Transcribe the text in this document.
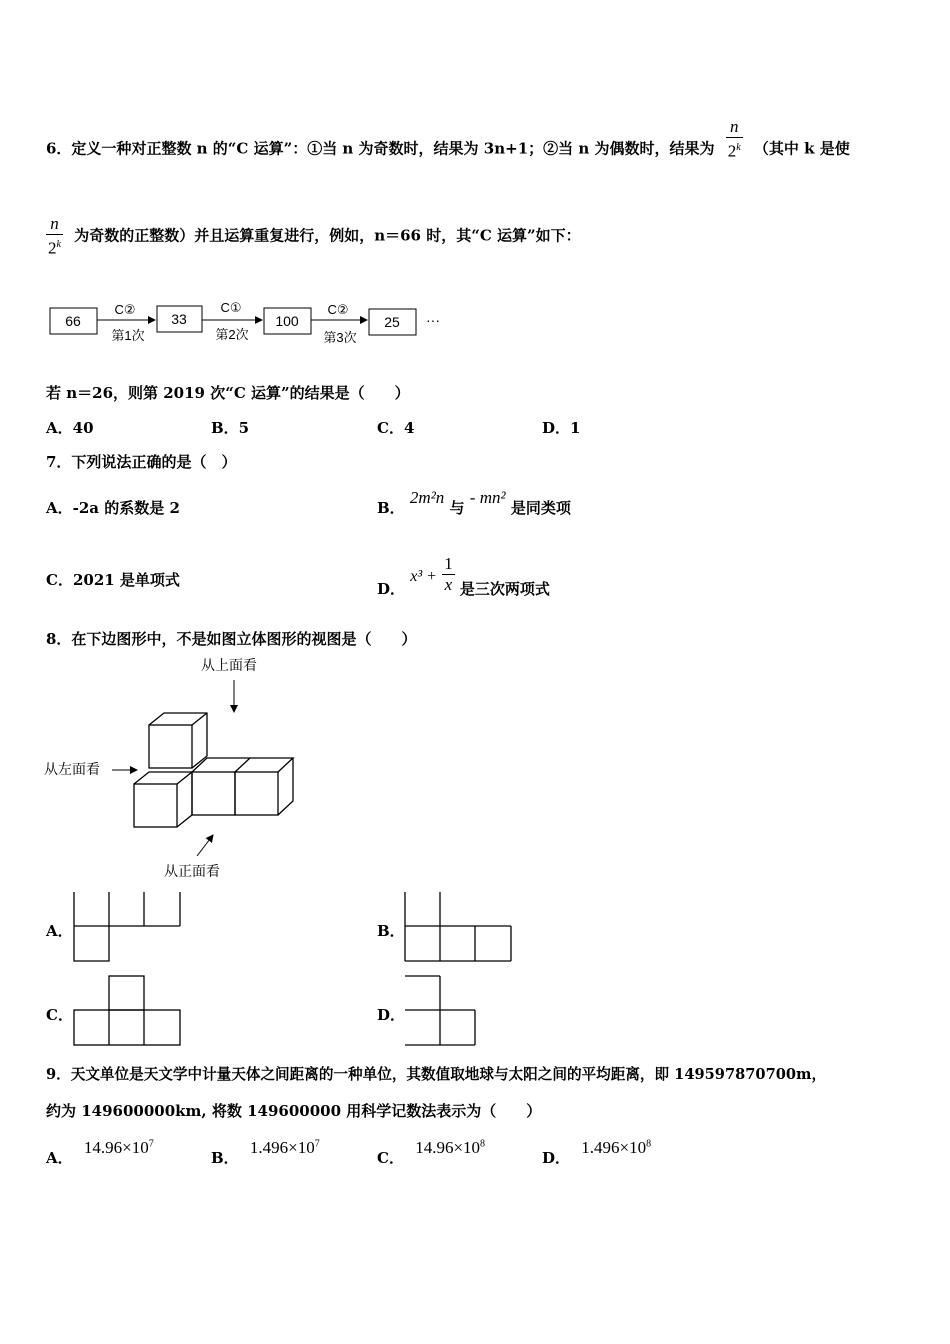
6．定义一种对正整数 n 的“C 运算”：①当 n 为奇数时，结果为 3n+1；②当 n 为偶数时，结果为 $\frac{n}{2^k}$ （其中 k 是使
$\frac{n}{2^k}$ 为奇数的正整数）并且运算重复进行，例如，n＝66 时，其“C 运算”如下：
66	33	100	25
C②	C①	C②
第1次	第2次	第3次
···
若 n＝26，则第 2019 次“C 运算”的结果是（　　）
A．40	B．5	C．4	D．1
7．下列说法正确的是（　）
A．-2a 的系数是 2	B． 2m²n 与 - mn² 是同类项
C．2021 是单项式	D． $x^3 + \frac{1}{x}$ 是三次两项式
8．在下边图形中，不是如图立体图形的视图是（　　）
从上面看
从左面看
从正面看
A．	B．
C．	D．
9．天文单位是天文学中计量天体之间距离的一种单位，其数值取地球与太阳之间的平均距离，即 149597870700m，
约为 149600000km, 将数 149600000 用科学记数法表示为（　　）
A． $14.96\times 10^7$
B． $1.496\times 10^7$
C． $14.96\times 10^8$
D． $1.496\times 10^8$
